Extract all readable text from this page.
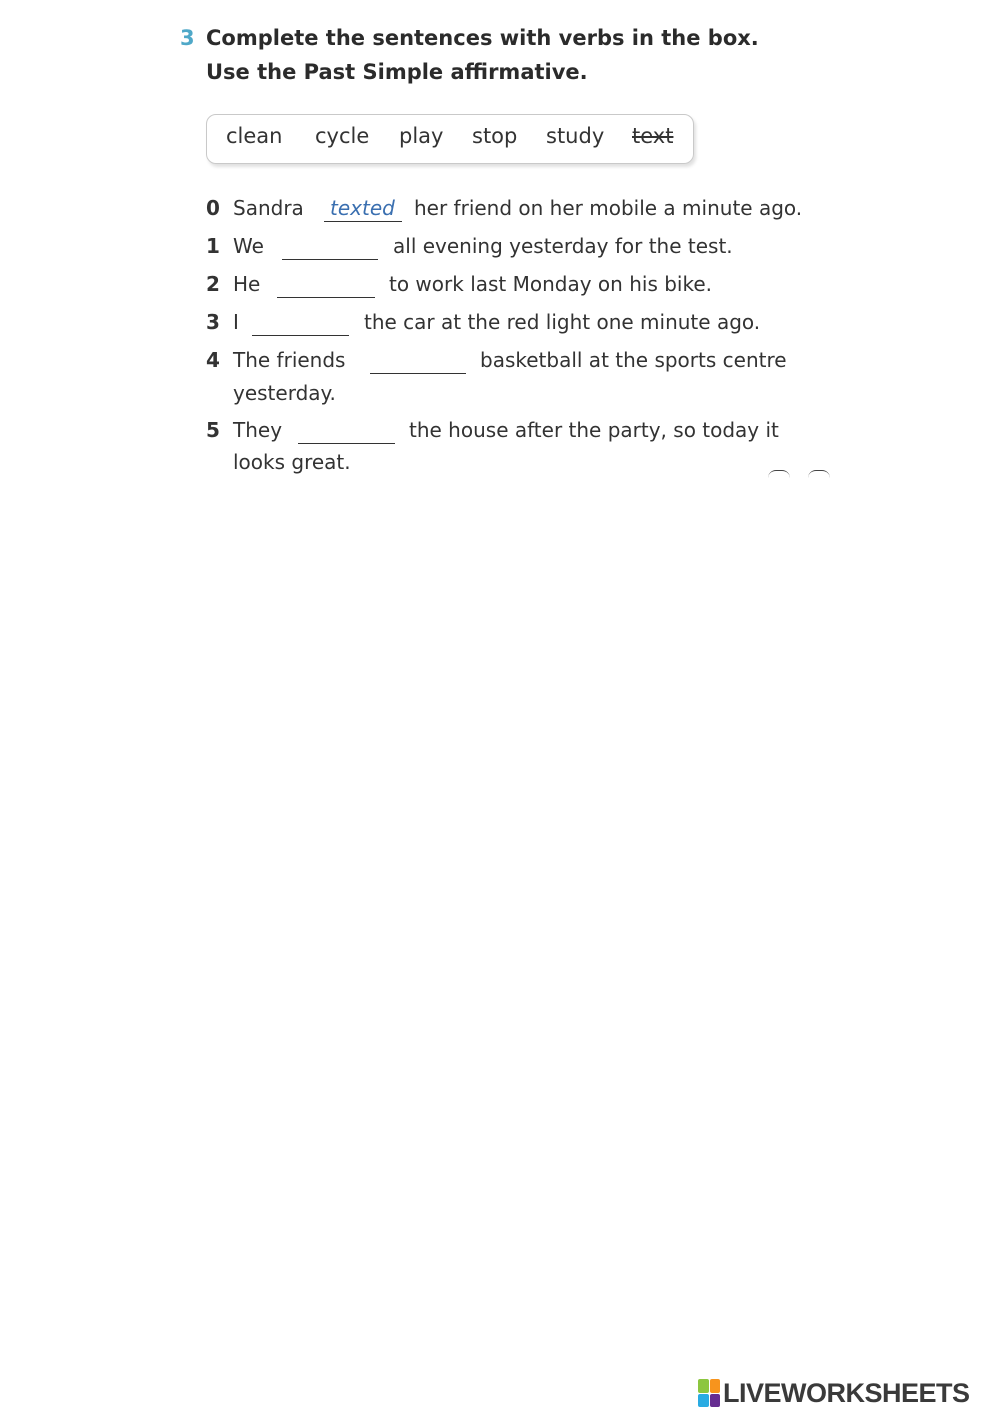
3 Complete the sentences with verbs in the box.
Use the Past Simple affirmative.
clean cycle play stop study text
0 Sandra texted her friend on her mobile a minute ago.
1 We	all evening yesterday for the test.
2 He	to work last Monday on his bike.
3 I	the car at the red light one minute ago.
4 The friends	basketball at the sports centre
yesterday.
5 They	the house after the party, so today it
looks great.
LIVEWORKSHEETS
